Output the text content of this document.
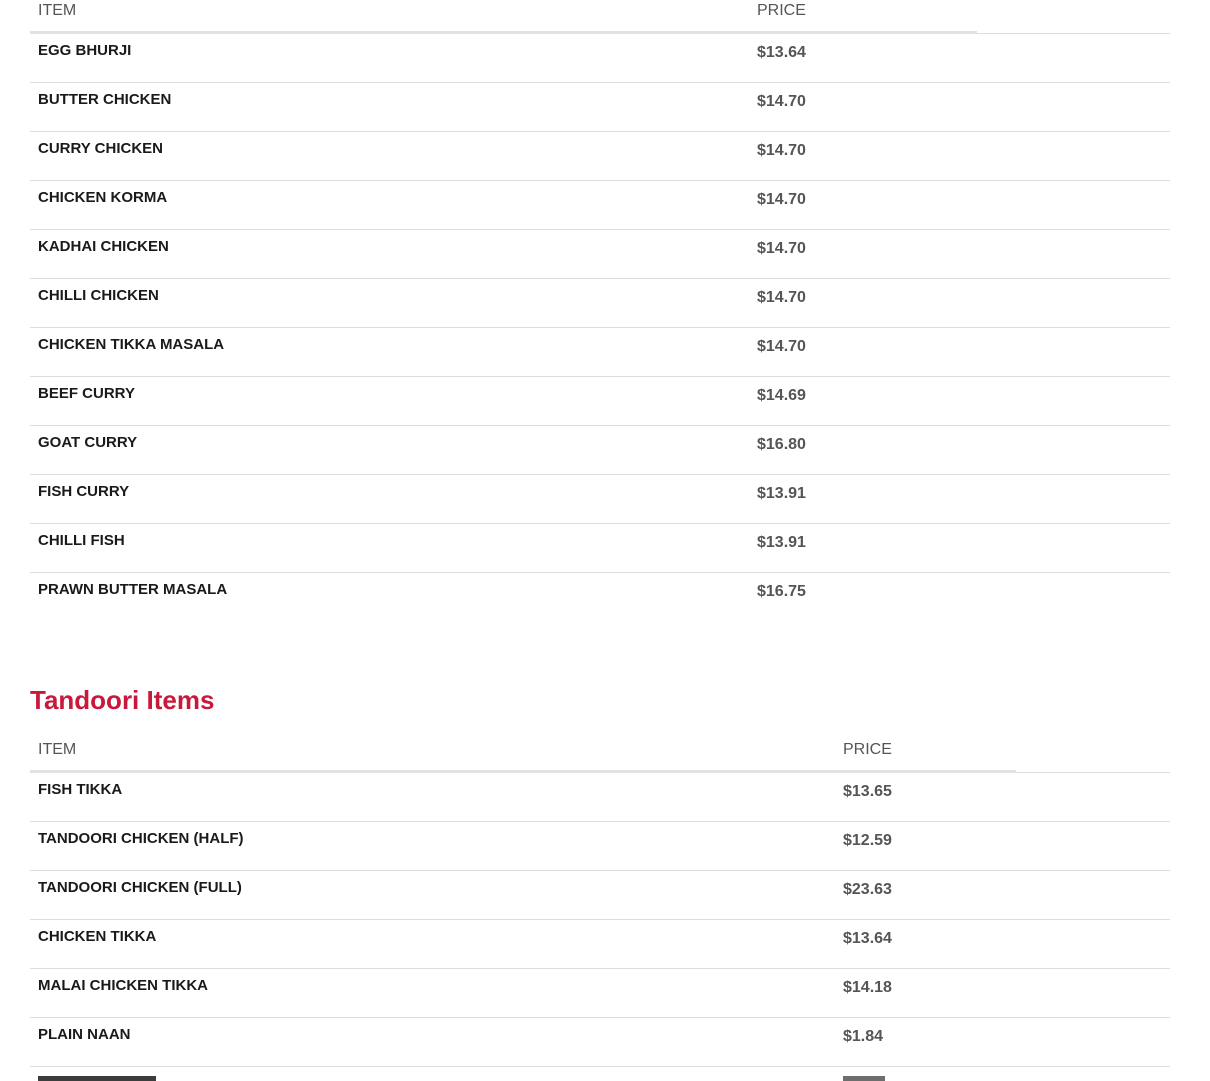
ITEM	PRICE

EGG BHURJI	$13.64

BUTTER CHICKEN	$14.70

CURRY CHICKEN	$14.70

CHICKEN KORMA	$14.70

KADHAI CHICKEN	$14.70

CHILLI CHICKEN	$14.70

CHICKEN TIKKA MASALA	$14.70

BEEF CURRY	$14.69

GOAT CURRY	$16.80

FISH CURRY	$13.91

CHILLI FISH	$13.91

PRAWN BUTTER MASALA	$16.75
Tandoori Items
ITEM	PRICE

FISH TIKKA	$13.65

TANDOORI CHICKEN (HALF)	$12.59

TANDOORI CHICKEN (FULL)	$23.63

CHICKEN TIKKA	$13.64

MALAI CHICKEN TIKKA	$14.18

PLAIN NAAN	$1.84
